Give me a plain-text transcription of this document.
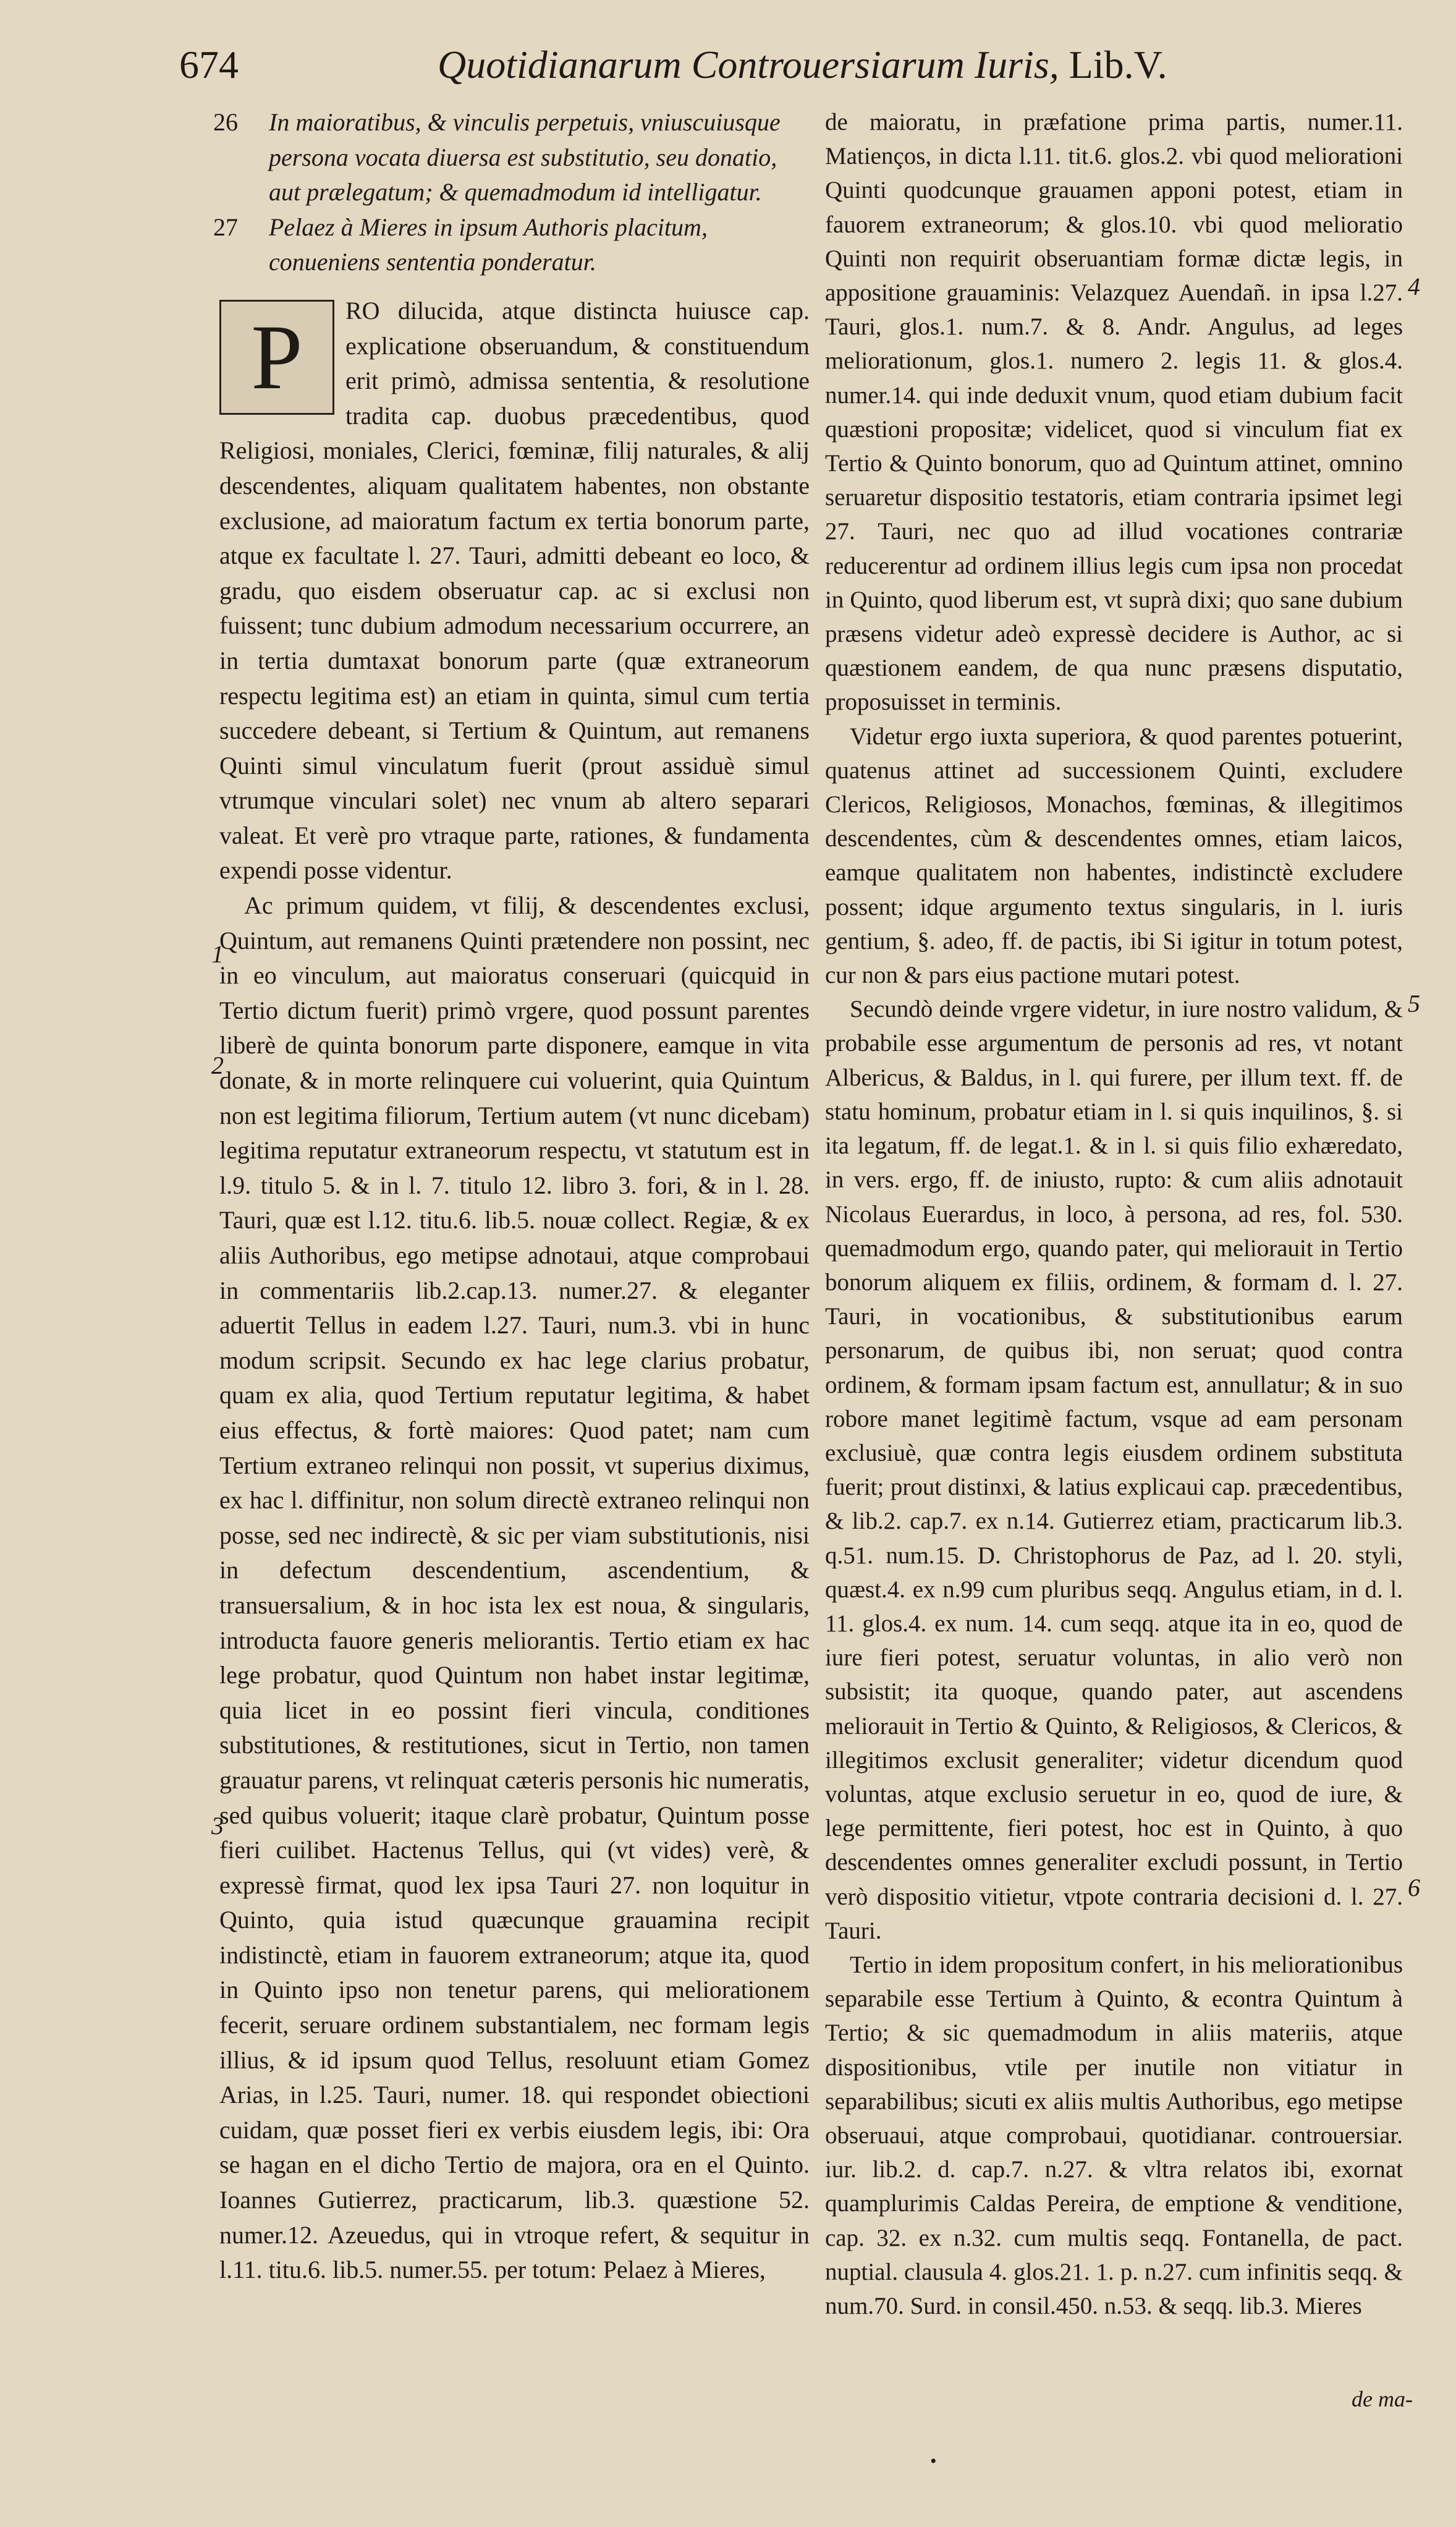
674	Quotidianarum Controuersiarum Iuris, Lib.V.
26 In maioratibus, & vinculis perpetuis, vniuscuiusque persona vocata diuersa est substitutio, seu donatio, aut prælegatum; & quemadmodum id intelligatur.
27 Pelaez à Mieres in ipsum Authoris placitum, conueniens sententia ponderatur.

P	RO dilucida, atque distincta huiusce cap. explicatione obseruandum, & constituendum erit primò, admissa sententia, & resolutione tradita cap. duobus præcedentibus, quod Religiosi, moniales, Clerici, fœminæ, filij naturales, & alij descendentes, aliquam qualitatem habentes, non obstante exclusione, ad maioratum factum ex tertia bonorum parte, atque ex facultate l. 27. Tauri, admitti debeant eo loco, & gradu, quo eisdem obseruatur cap. ac si exclusi non fuissent; tunc dubium admodum necessarium occurrere, an in tertia dumtaxat bonorum parte (quæ extraneorum respectu legitima est) an etiam in quinta, simul cum tertia succedere debeant, si Tertium & Quintum, aut remanens Quinti simul vinculatum fuerit (prout assiduè simul vtrumque vinculari solet) nec vnum ab altero separari valeat. Et verè pro vtraque parte, rationes, & fundamenta expendi posse videntur.

Ac primum quidem, vt filij, & descendentes exclusi, Quintum, aut remanens Quinti prætendere non possint, nec in eo vinculum, aut maioratus conseruari (quicquid in Tertio dictum fuerit) primò vrgere, quod possunt parentes liberè de quinta bonorum parte disponere, eamque in vita donate, & in morte relinquere cui voluerint, quia Quintum non est legitima filiorum, Tertium autem (vt nunc dicebam) legitima reputatur extraneorum respectu, vt statutum est in l.9. titulo 5. & in l. 7. titulo 12. libro 3. fori, & in l. 28. Tauri, quæ est l.12. titu.6. lib.5. nouæ collect. Regiæ, & ex aliis Authoribus, ego metipse adnotaui, atque comprobaui in commentariis lib.2.cap.13. numer.27. & eleganter aduertit Tellus in eadem l.27. Tauri, num.3. vbi in hunc modum scripsit. Secundo ex hac lege clarius probatur, quam ex alia, quod Tertium reputatur legitima, & habet eius effectus, & fortè maiores: Quod patet; nam cum Tertium extraneo relinqui non possit, vt superius diximus, ex hac l. diffinitur, non solum directè extraneo relinqui non posse, sed nec indirectè, & sic per viam substitutionis, nisi in defectum descendentium, ascendentium, & transuersalium, & in hoc ista lex est noua, & singularis, introducta fauore generis meliorantis. Tertio etiam ex hac lege probatur, quod Quintum non habet instar legitimæ, quia licet in eo possint fieri vincula, conditiones substitutiones, & restitutiones, sicut in Tertio, non tamen grauatur parens, vt relinquat cæteris personis hic numeratis, sed quibus voluerit; itaque clarè probatur, Quintum posse fieri cuilibet. Hactenus Tellus, qui (vt vides) verè, & expressè firmat, quod lex ipsa Tauri 27. non loquitur in Quinto, quia istud quæcunque grauamina recipit indistinctè, etiam in fauorem extraneorum; atque ita, quod in Quinto ipso non tenetur parens, qui meliorationem fecerit, seruare ordinem substantialem, nec formam legis illius, & id ipsum quod Tellus, resoluunt etiam Gomez Arias, in l.25. Tauri, numer. 18. qui respondet obiectioni cuidam, quæ posset fieri ex verbis eiusdem legis, ibi: Ora se hagan en el dicho Tertio de majora, ora en el Quinto. Ioannes Gutierrez, practicarum, lib.3. quæstione 52. numer.12. Azeuedus, qui in vtroque refert, & sequitur in l.11. titu.6. lib.5. numer.55. per totum: Pelaez à Mieres,

de maioratu, in præfatione prima partis, numer.11. Matienços, in dicta l.11. tit.6. glos.2. vbi quod meliorationi Quinti quodcunque grauamen apponi potest, etiam in fauorem extraneorum; & glos.10. vbi quod melioratio Quinti non requirit obseruantiam formæ dictæ legis, in appositione grauaminis: Velazquez Auendañ. in ipsa l.27. Tauri, glos.1. num.7. & 8. Andr. Angulus, ad leges meliorationum, glos.1. numero 2. legis 11. & glos.4. numer.14. qui inde deduxit vnum, quod etiam dubium facit quæstioni propositæ; videlicet, quod si vinculum fiat ex Tertio & Quinto bonorum, quo ad Quintum attinet, omnino seruaretur dispositio testatoris, etiam contraria ipsimet legi 27. Tauri, nec quo ad illud vocationes contrariæ reducerentur ad ordinem illius legis cum ipsa non procedat in Quinto, quod liberum est, vt suprà dixi; quo sane dubium præsens videtur adeò expressè decidere is Author, ac si quæstionem eandem, de qua nunc præsens disputatio, proposuisset in terminis.

Videtur ergo iuxta superiora, & quod parentes potuerint, quatenus attinet ad successionem Quinti, excludere Clericos, Religiosos, Monachos, fœminas, & illegitimos descendentes, cùm & descendentes omnes, etiam laicos, eamque qualitatem non habentes, indistinctè excludere possent; idque argumento textus singularis, in l. iuris gentium, §. adeo, ff. de pactis, ibi Si igitur in totum potest, cur non & pars eius pactione mutari potest.

Secundò deinde vrgere videtur, in iure nostro validum, & probabile esse argumentum de personis ad res, vt notant Albericus, & Baldus, in l. qui furere, per illum text. ff. de statu hominum, probatur etiam in l. si quis inquilinos, §. si ita legatum, ff. de legat.1. & in l. si quis filio exhæredato, in vers. ergo, ff. de iniusto, rupto: & cum aliis adnotauit Nicolaus Euerardus, in loco, à persona, ad res, fol. 530. quemadmodum ergo, quando pater, qui meliorauit in Tertio bonorum aliquem ex filiis, ordinem, & formam d. l. 27. Tauri, in vocationibus, & substitutionibus earum personarum, de quibus ibi, non seruat; quod contra ordinem, & formam ipsam factum est, annullatur; & in suo robore manet legitimè factum, vsque ad eam personam exclusiuè, quæ contra legis eiusdem ordinem substituta fuerit; prout distinxi, & latius explicaui cap. præcedentibus, & lib.2. cap.7. ex n.14. Gutierrez etiam, practicarum lib.3. q.51. num.15. D. Christophorus de Paz, ad l. 20. styli, quæst.4. ex n.99 cum pluribus seqq. Angulus etiam, in d. l. 11. glos.4. ex num. 14. cum seqq. atque ita in eo, quod de iure fieri potest, seruatur voluntas, in alio verò non subsistit; ita quoque, quando pater, aut ascendens meliorauit in Tertio & Quinto, & Religiosos, & Clericos, & illegitimos exclusit generaliter; videtur dicendum quod voluntas, atque exclusio seruetur in eo, quod de iure, & lege permittente, fieri potest, hoc est in Quinto, à quo descendentes omnes generaliter excludi possunt, in Tertio verò dispositio vitietur, vtpote contraria decisioni d. l. 27. Tauri.

Tertio in idem propositum confert, in his meliorationibus separabile esse Tertium à Quinto, & econtra Quintum à Tertio; & sic quemadmodum in aliis materiis, atque dispositionibus, vtile per inutile non vitiatur in separabilibus; sicuti ex aliis multis Authoribus, ego metipse obseruaui, atque comprobaui, quotidianar. controuersiar. iur. lib.2. d. cap.7. n.27. & vltra relatos ibi, exornat quamplurimis Caldas Pereira, de emptione & venditione, cap. 32. ex n.32. cum multis seqq. Fontanella, de pact. nuptial. clausula 4. glos.21. 1. p. n.27. cum infinitis seqq. & num.70. Surd. in consil.450. n.53. & seqq. lib.3. Mieres

1
2
3
4
5
6
de ma-
•
